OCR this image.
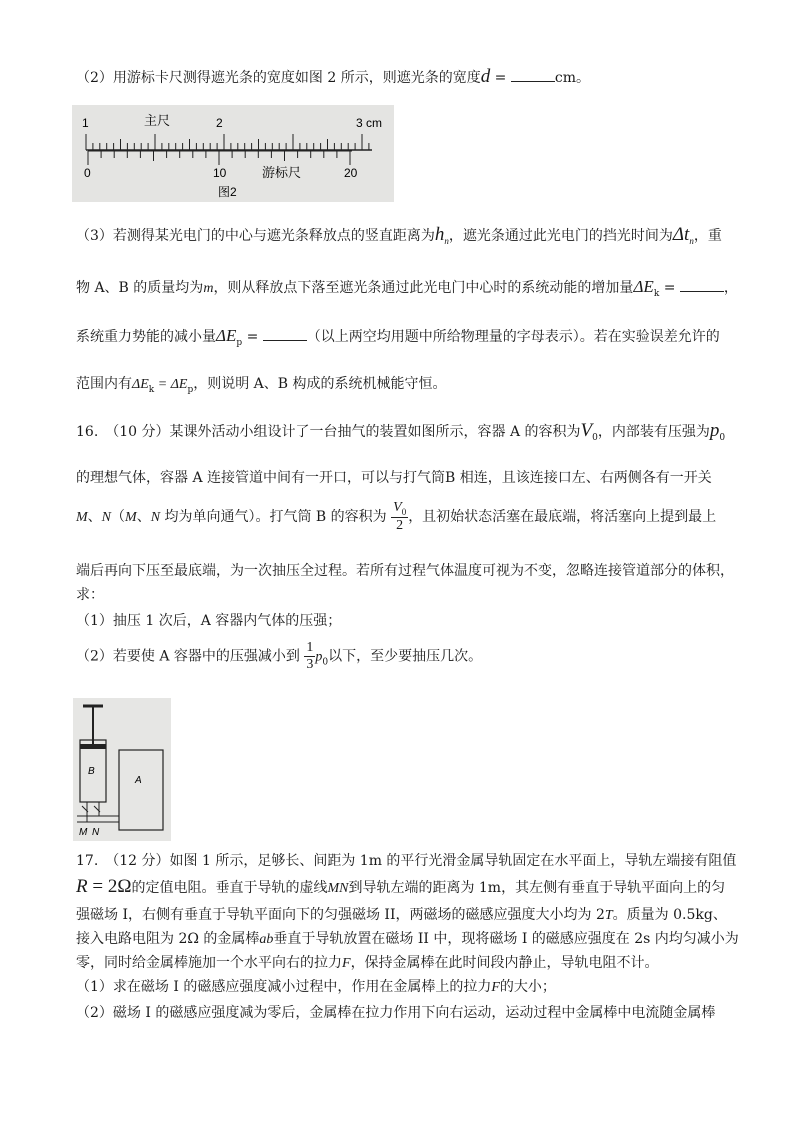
（2）用游标卡尺测得遮光条的宽度如图 2 所示，则遮光条的宽度d =	cm。
1	2	3 cm
主尺
0	10	20
游标尺
图2
（3）若测得某光电门的中心与遮光条释放点的竖直距离为$h_n$，遮光条通过此光电门的挡光时间为$\Delta t_n$，重
物 A、B 的质量均为m，则从释放点下落至遮光条通过此光电门中心时的系统动能的增加量$\Delta E_k$ =	，
系统重力势能的减小量$\Delta E_p$ =	（以上两空均用题中所给物理量的字母表示）。若在实验误差允许的
范围内有$\Delta E_k = \Delta E_p$，则说明 A、B 构成的系统机械能守恒。
16.　（10 分）某课外活动小组设计了一台抽气的装置如图所示，容器 A 的容积为$V_0$，内部装有压强为$p_0$
的理想气体，容器 A 连接管道中间有一开口，可以与打气筒B 相连，且该连接口左、右两侧各有一开关
M、N（M、N 均为单向通气）。打气筒 B 的容积为 $\frac{V_0}{2}$ ，且初始状态活塞在最底端，将活塞向上提到最上
端后再向下压至最底端，为一次抽压全过程。若所有过程气体温度可视为不变，忽略连接管道部分的体积，
求：
（1）抽压 1 次后，A 容器内气体的压强；
（2）若要使 A 容器中的压强减小到 $\frac{1}{3} p_0$以下，至少要抽压几次。
B
A
M N
17.　（12 分）如图 1 所示，足够长、间距为 1m 的平行光滑金属导轨固定在水平面上，导轨左端接有阻值
R = 2Ω的定值电阻。垂直于导轨的虚线MN到导轨左端的距离为 1m，其左侧有垂直于导轨平面向上的匀
强磁场 I，右侧有垂直于导轨平面向下的匀强磁场 II，两磁场的磁感应强度大小均为 2T。质量为 0.5kg、
接入电路电阻为 2Ω 的金属棒ab垂直于导轨放置在磁场 II 中，现将磁场 I 的磁感应强度在 2s 内均匀减小为
零，同时给金属棒施加一个水平向右的拉力F，保持金属棒在此时间段内静止，导轨电阻不计。
（1）求在磁场 I 的磁感应强度减小过程中，作用在金属棒上的拉力F的大小；
（2）磁场 I 的磁感应强度减为零后，金属棒在拉力作用下向右运动，运动过程中金属棒中电流随金属棒
